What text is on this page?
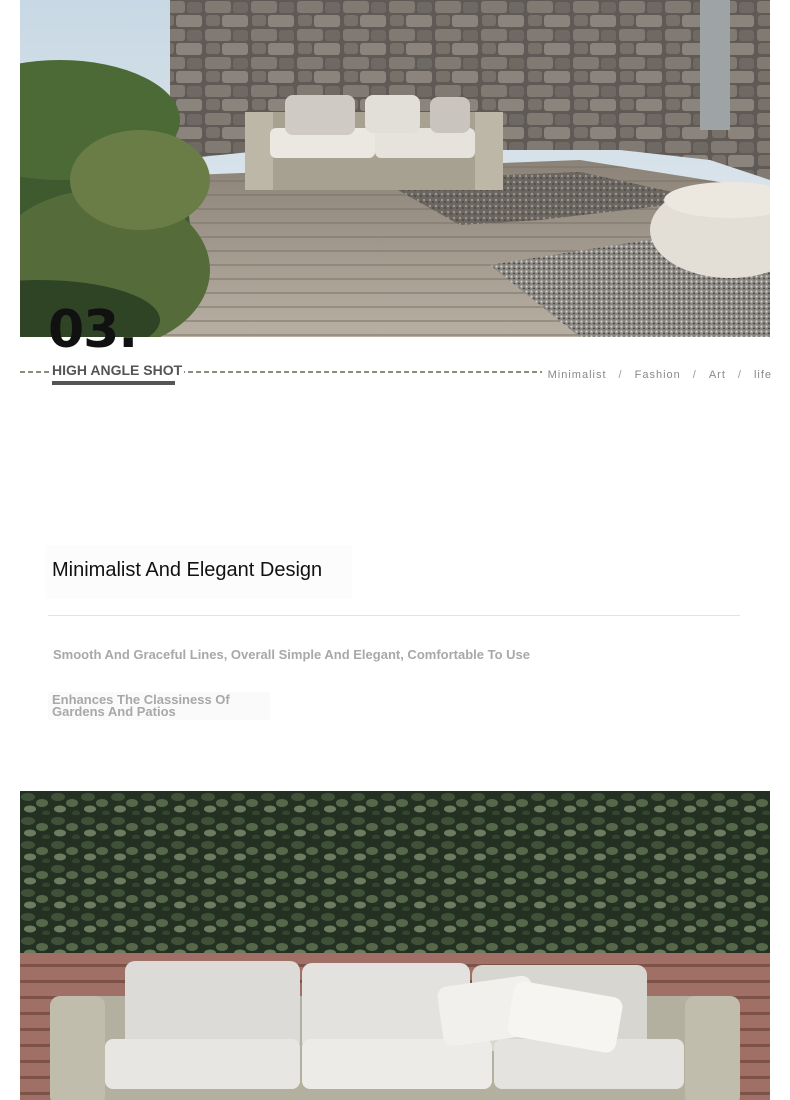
03.
HIGH ANGLE SHOT	Minimalist / Fashion / Art / life
Minimalist And Elegant Design
Smooth And Graceful Lines, Overall Simple And Elegant, Comfortable To Use
Enhances The Classiness Of Gardens And Patios
